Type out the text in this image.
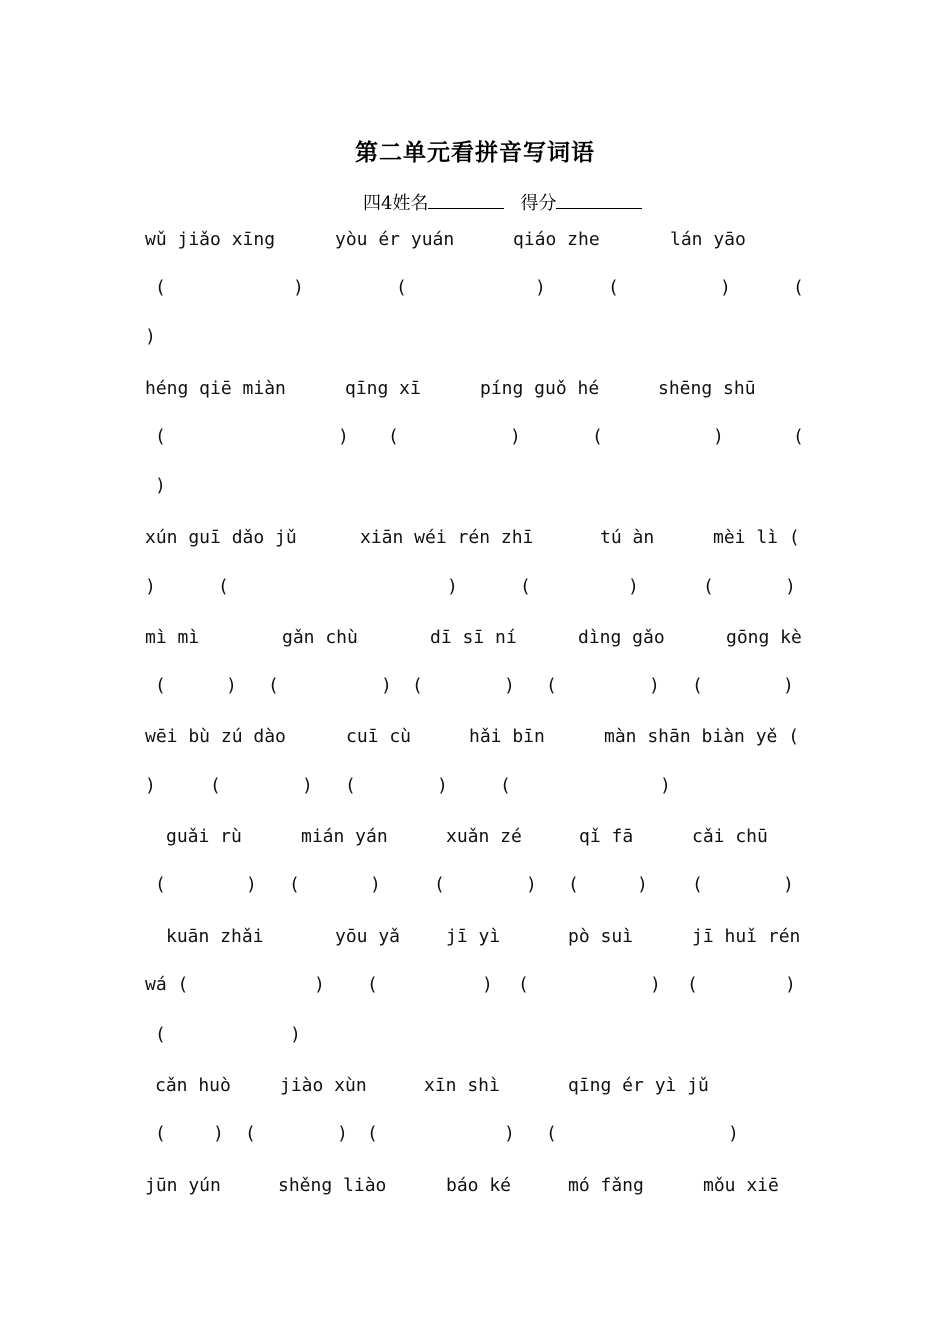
第二单元看拼音写词语
四4姓名	得分
wǔ jiǎo xīng	yòu ér yuán	qiáo zhe	lán yāo
(	)	(	)	(	)	(
)
héng qiē miàn	qīng xī	píng guǒ hé	shēng shū
(	) (	)	(	)	(
)
xún guī dǎo jǔ	xiān wéi rén zhī	tú àn	mèi lì (
)	(	)	(	)	(	)
mì mì	gǎn chù	dī sī ní	dìng gǎo	gōng kè
(	) (	) (	) (	) (	)
wēi bù zú dào	cuī cù	hǎi bīn	màn shān biàn yě (
)	(	) (	)	(	)
guǎi rù	mián yán	xuǎn zé	qǐ fā	cǎi chū
(	) (	)	(	) (	) (	)
kuān zhǎi	yōu yǎ	jī yì	pò suì	jī huǐ rén
wá (	) (	) (	) (	)
(	)
cǎn huò	jiào xùn	xīn shì	qīng ér yì jǔ
(	) (	) (	) (	)
jūn yún	shěng liào	báo ké	mó fǎng	mǒu xiē
